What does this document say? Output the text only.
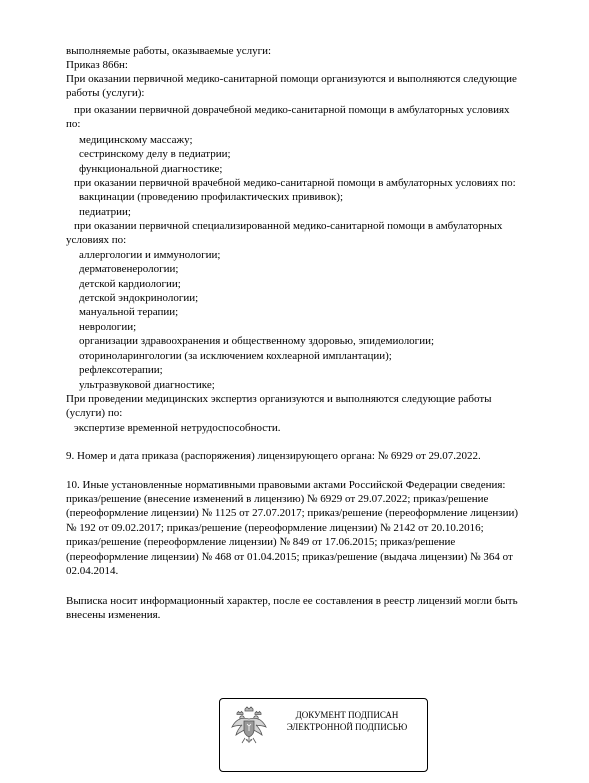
выполняемые работы, оказываемые услуги:
Приказ 866н:
При оказании первичной медико-санитарной помощи организуются и выполняются следующие
работы (услуги):
при оказании первичной доврачебной медико-санитарной помощи в амбулаторных условиях
по:
медицинскому массажу;
сестринскому делу в педиатрии;
функциональной диагностике;
при оказании первичной врачебной медико-санитарной помощи в амбулаторных условиях по:
вакцинации (проведению профилактических прививок);
педиатрии;
при оказании первичной специализированной медико-санитарной помощи в амбулаторных
условиях по:
аллергологии и иммунологии;
дерматовенерологии;
детской кардиологии;
детской эндокринологии;
мануальной терапии;
неврологии;
организации здравоохранения и общественному здоровью, эпидемиологии;
оториноларингологии (за исключением кохлеарной имплантации);
рефлексотерапии;
ультразвуковой диагностике;
При проведении медицинских экспертиз организуются и выполняются следующие работы
(услуги) по:
экспертизе временной нетрудоспособности.
9. Номер и дата приказа (распоряжения) лицензирующего органа: № 6929 от 29.07.2022.
10. Иные установленные нормативными правовыми актами Российской Федерации сведения:
приказ/решение (внесение изменений в лицензию) № 6929 от 29.07.2022; приказ/решение
(переоформление лицензии) № 1125 от 27.07.2017; приказ/решение (переоформление лицензии)
№ 192 от 09.02.2017; приказ/решение (переоформление лицензии) № 2142 от 20.10.2016;
приказ/решение (переоформление лицензии) № 849 от 17.06.2015; приказ/решение
(переоформление лицензии) № 468 от 01.04.2015; приказ/решение (выдача лицензии) № 364 от
02.04.2014.
Выписка носит информационный характер, после ее составления в реестр лицензий могли быть
внесены изменения.
ДОКУМЕНТ ПОДПИСАН
ЭЛЕКТРОННОЙ ПОДПИСЬЮ
